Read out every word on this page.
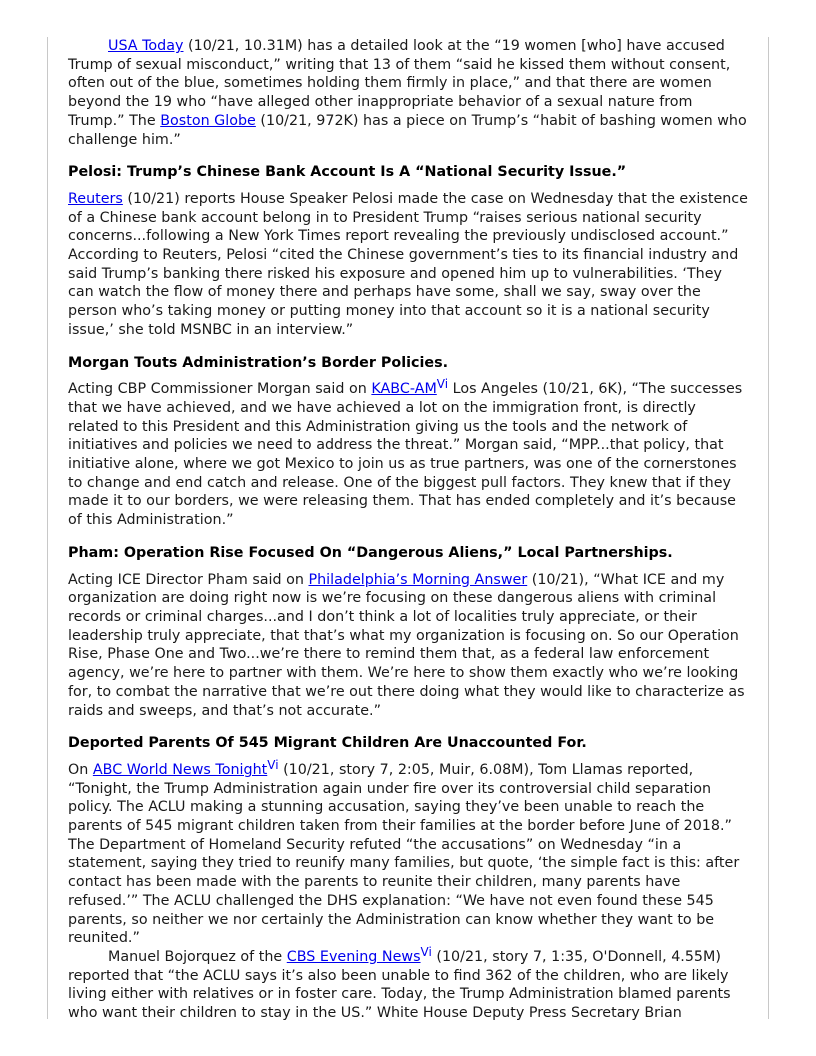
USA Today (10/21, 10.31M) has a detailed look at the “19 women [who] have accused Trump of sexual misconduct,” writing that 13 of them “said he kissed them without consent, often out of the blue, sometimes holding them firmly in place,” and that there are women beyond the 19 who “have alleged other inappropriate behavior of a sexual nature from Trump.” The Boston Globe (10/21, 972K) has a piece on Trump’s “habit of bashing women who challenge him.”

Pelosi: Trump’s Chinese Bank Account Is A “National Security Issue.”

Reuters (10/21) reports House Speaker Pelosi made the case on Wednesday that the existence of a Chinese bank account belong in to President Trump “raises serious national security concerns...following a New York Times report revealing the previously undisclosed account.” According to Reuters, Pelosi “cited the Chinese government’s ties to its financial industry and said Trump’s banking there risked his exposure and opened him up to vulnerabilities. ‘They can watch the flow of money there and perhaps have some, shall we say, sway over the person who’s taking money or putting money into that account so it is a national security issue,’ she told MSNBC in an interview.”

Morgan Touts Administration’s Border Policies.

Acting CBP Commissioner Morgan said on KABC-$AM^{Vi}$ Los Angeles (10/21, 6K), “The successes that we have achieved, and we have achieved a lot on the immigration front, is directly related to this President and this Administration giving us the tools and the network of initiatives and policies we need to address the threat.” Morgan said, “MPP...that policy, that initiative alone, where we got Mexico to join us as true partners, was one of the cornerstones to change and end catch and release. One of the biggest pull factors. They knew that if they made it to our borders, we were releasing them. That has ended completely and it’s because of this Administration.”

Pham: Operation Rise Focused On “Dangerous Aliens,” Local Partnerships.

Acting ICE Director Pham said on Philadelphia’s Morning Answer (10/21), “What ICE and my organization are doing right now is we’re focusing on these dangerous aliens with criminal records or criminal charges...and I don’t think a lot of localities truly appreciate, or their leadership truly appreciate, that that’s what my organization is focusing on. So our Operation Rise, Phase One and Two...we’re there to remind them that, as a federal law enforcement agency, we’re here to partner with them. We’re here to show them exactly who we’re looking for, to combat the narrative that we’re out there doing what they would like to characterize as raids and sweeps, and that’s not accurate.”

Deported Parents Of 545 Migrant Children Are Unaccounted For.

On ABC World News Tonight$^{Vi}$ (10/21, story 7, 2:05, Muir, 6.08M), Tom Llamas reported, “Tonight, the Trump Administration again under fire over its controversial child separation policy. The ACLU making a stunning accusation, saying they’ve been unable to reach the parents of 545 migrant children taken from their families at the border before June of 2018.” The Department of Homeland Security refuted “the accusations” on Wednesday “in a statement, saying they tried to reunify many families, but quote, ‘the simple fact is this: after contact has been made with the parents to reunite their children, many parents have refused.’” The ACLU challenged the DHS explanation: “We have not even found these 545 parents, so neither we nor certainly the Administration can know whether they want to be reunited.”

Manuel Bojorquez of the CBS Evening News$^{Vi}$ (10/21, story 7, 1:35, O'Donnell, 4.55M) reported that “the ACLU says it’s also been unable to find 362 of the children, who are likely living either with relatives or in foster care. Today, the Trump Administration blamed parents who want their children to stay in the US.” White House Deputy Press Secretary Brian
